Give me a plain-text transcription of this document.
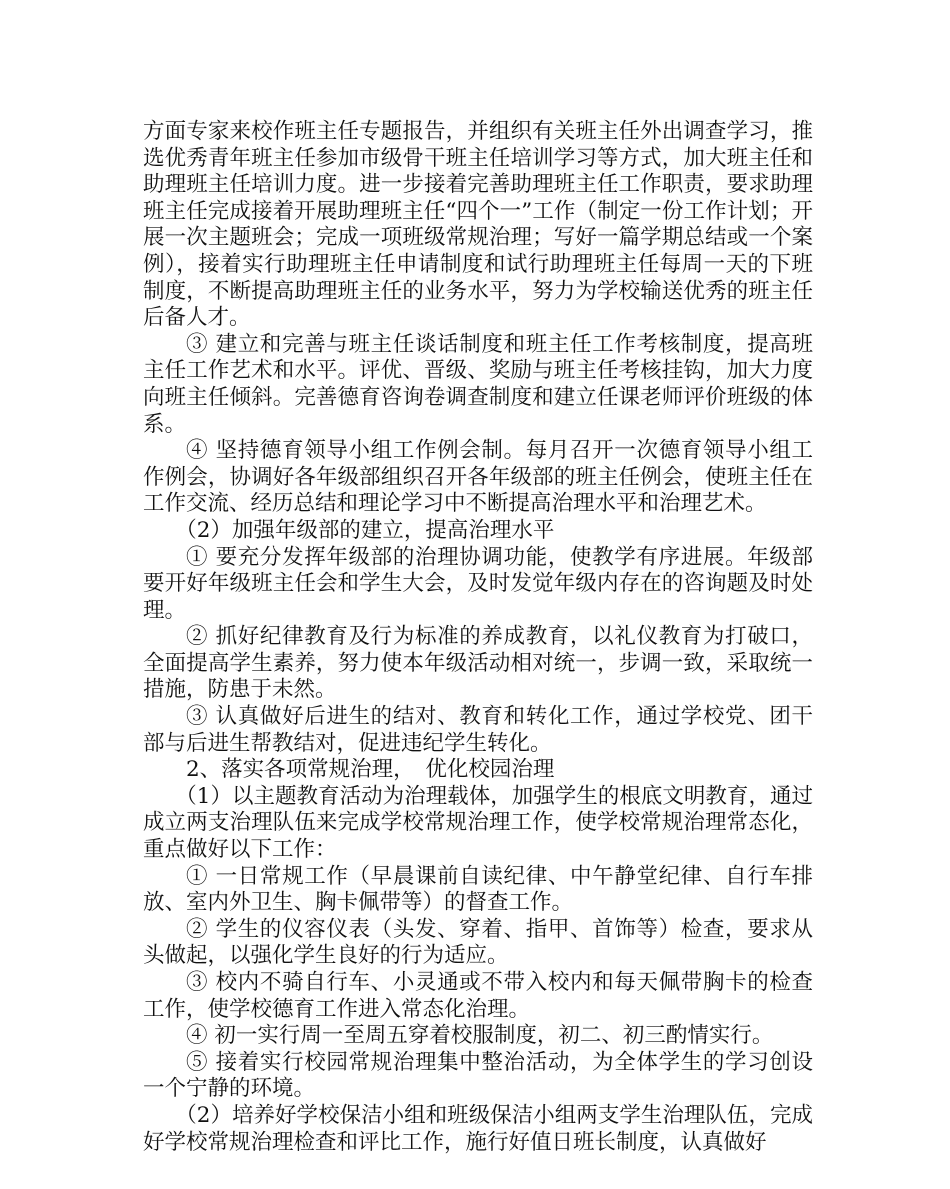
方面专家来校作班主任专题报告，并组织有关班主任外出调查学习，推选优秀青年班主任参加市级骨干班主任培训学习等方式，加大班主任和助理班主任培训力度。进一步接着完善助理班主任工作职责，要求助理班主任完成接着开展助理班主任“四个一”工作（制定一份工作计划；开展一次主题班会；完成一项班级常规治理；写好一篇学期总结或一个案例），接着实行助理班主任申请制度和试行助理班主任每周一天的下班制度，不断提高助理班主任的业务水平，努力为学校输送优秀的班主任后备人才。

③ 建立和完善与班主任谈话制度和班主任工作考核制度，提高班主任工作艺术和水平。评优、晋级、奖励与班主任考核挂钩，加大力度向班主任倾斜。完善德育咨询卷调查制度和建立任课老师评价班级的体系。

④ 坚持德育领导小组工作例会制。每月召开一次德育领导小组工作例会，协调好各年级部组织召开各年级部的班主任例会，使班主任在工作交流、经历总结和理论学习中不断提高治理水平和治理艺术。

（2）加强年级部的建立，提高治理水平

① 要充分发挥年级部的治理协调功能，使教学有序进展。年级部要开好年级班主任会和学生大会，及时发觉年级内存在的咨询题及时处理。

② 抓好纪律教育及行为标准的养成教育，以礼仪教育为打破口，全面提高学生素养，努力使本年级活动相对统一，步调一致，采取统一措施，防患于未然。

③ 认真做好后进生的结对、教育和转化工作，通过学校党、团干部与后进生帮教结对，促进违纪学生转化。

2、落实各项常规治理，　优化校园治理

（1）以主题教育活动为治理载体，加强学生的根底文明教育，通过成立两支治理队伍来完成学校常规治理工作，使学校常规治理常态化，重点做好以下工作：

① 一日常规工作（早晨课前自读纪律、中午静堂纪律、自行车排放、室内外卫生、胸卡佩带等）的督查工作。

② 学生的仪容仪表（头发、穿着、指甲、首饰等）检查，要求从头做起，以强化学生良好的行为适应。

③ 校内不骑自行车、小灵通或不带入校内和每天佩带胸卡的检查工作，使学校德育工作进入常态化治理。

④ 初一实行周一至周五穿着校服制度，初二、初三酌情实行。

⑤ 接着实行校园常规治理集中整治活动，为全体学生的学习创设一个宁静的环境。

（2）培养好学校保洁小组和班级保洁小组两支学生治理队伍，完成好学校常规治理检查和评比工作，施行好值日班长制度，认真做好
